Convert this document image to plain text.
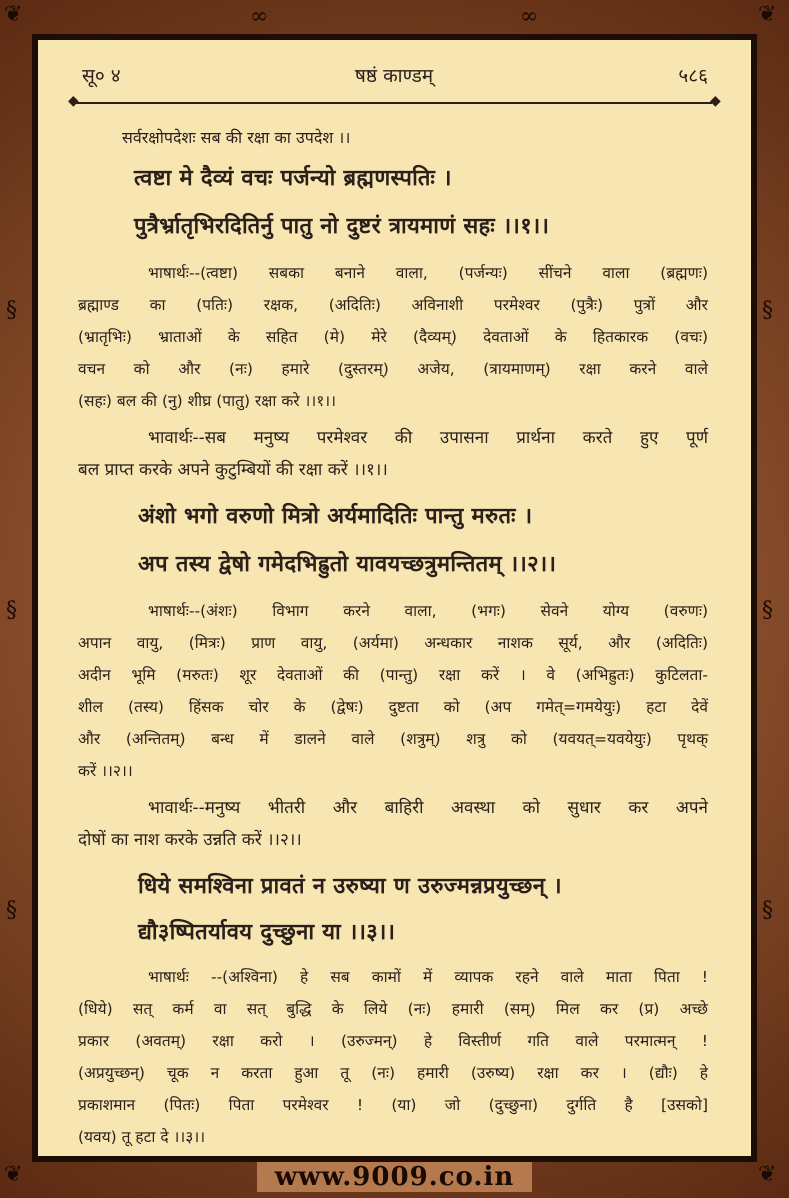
❦	❦
❦	❦
§
§
§
§
§
§
∞	∞
सू० ४	षष्ठं काण्डम्	५८६
◆	◆
सर्वरक्षोपदेशः सब की रक्षा का उपदेश ।।
त्वष्टा मे दैव्यं वचः पर्जन्यो ब्रह्मणस्पतिः ।
पुत्रैर्भ्रातृभिरदितिर्नु पातु नो दुष्टरं त्रायमाणं सहः ।।१।।
भाषार्थः--(त्वष्टा) सबका बनाने वाला, (पर्जन्यः) सींचने वाला (ब्रह्मणः)
ब्रह्माण्ड का (पतिः) रक्षक, (अदितिः) अविनाशी परमेश्वर (पुत्रैः) पुत्रों और
(भ्रातृभिः) भ्राताओं के सहित (मे) मेरे (दैव्यम्) देवताओं के हितकारक (वचः)
वचन को और (नः) हमारे (दुस्तरम्) अजेय, (त्रायमाणम्) रक्षा करने वाले
(सहः) बल की (नु) शीघ्र (पातु) रक्षा करे ।।१।।
भावार्थः--सब मनुष्य परमेश्वर की उपासना प्रार्थना करते हुए पूर्ण
बल प्राप्त करके अपने कुटुम्बियों की रक्षा करें ।।१।।
अंशो भगो वरुणो मित्रो अर्यमादितिः पान्तु मरुतः ।
अप तस्य द्वेषो गमेदभिह्रुतो यावयच्छत्रुमन्तितम् ।।२।।
भाषार्थः--(अंशः) विभाग करने वाला, (भगः) सेवने योग्य (वरुणः)
अपान वायु, (मित्रः) प्राण वायु, (अर्यमा) अन्धकार नाशक सूर्य, और (अदितिः)
अदीन भूमि (मरुतः) शूर देवताओं की (पान्तु) रक्षा करें । वे (अभिह्रुतः) कुटिलता-
शील (तस्य) हिंसक चोर के (द्वेषः) दुष्टता को (अप गमेत्=गमयेयुः) हटा देवें
और (अन्तितम्) बन्ध में डालने वाले (शत्रुम्) शत्रु को (यवयत्=यवयेयुः) पृथक्
करें ।।२।।
भावार्थः--मनुष्य भीतरी और बाहिरी अवस्था को सुधार कर अपने
दोषों का नाश करके उन्नति करें ।।२।।
धिये समश्विना प्रावतं न उरुष्या ण उरुज्मन्नप्रयुच्छन् ।
द्यौ३ष्पितर्यावय दुच्छुना या ।।३।।
भाषार्थः --(अश्विना) हे सब कामों में व्यापक रहने वाले माता पिता !
(धिये) सत् कर्म वा सत् बुद्धि के लिये (नः) हमारी (सम्) मिल कर (प्र) अच्छे
प्रकार (अवतम्) रक्षा करो । (उरुज्मन्) हे विस्तीर्ण गति वाले परमात्मन् !
(अप्रयुच्छन्) चूक न करता हुआ तू (नः) हमारी (उरुष्य) रक्षा कर । (द्यौः) हे
प्रकाशमान (पितः) पिता परमेश्वर ! (या) जो (दुच्छुना) दुर्गति है [उसको]
(यवय) तू हटा दे ।।३।।
www.9009.co.in
